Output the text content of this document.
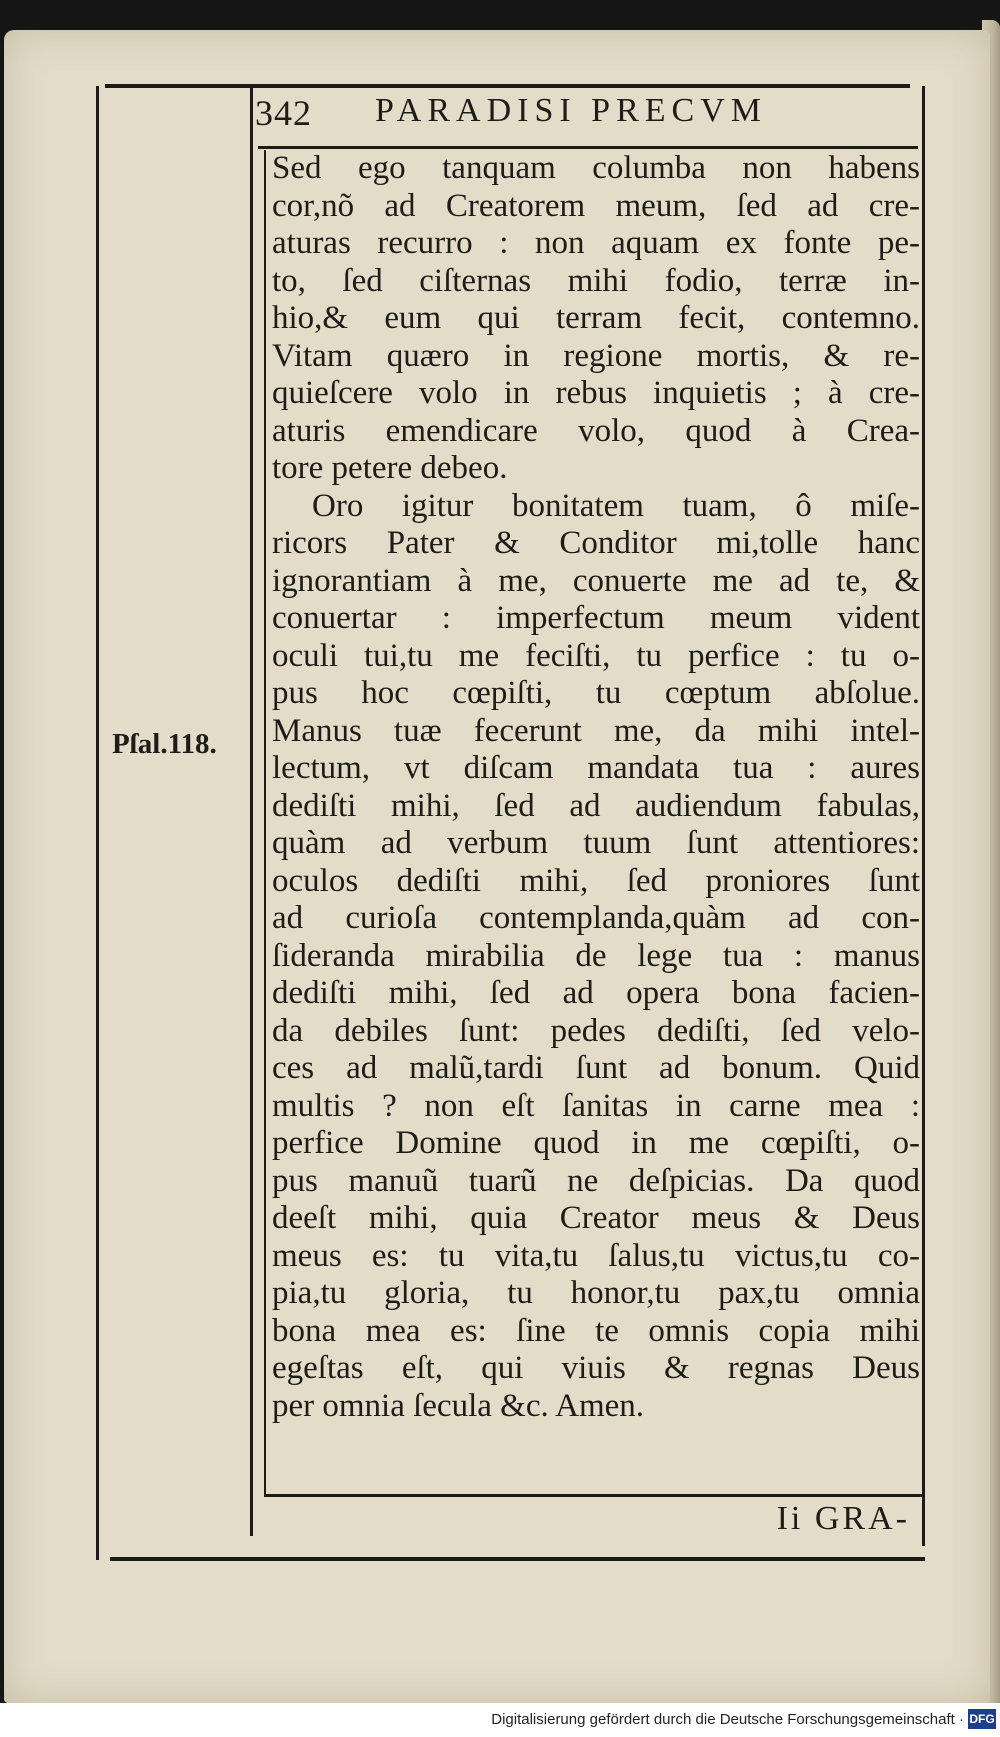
342 PARADISI PRECVM
Pſal.118.
Sed ego tanquam columba non habens
cor,nõ ad Creatorem meum, ſed ad cre-
aturas recurro : non aquam ex fonte pe-
to, ſed ciſternas mihi fodio, terræ in-
hio,& eum qui terram fecit, contemno.
Vitam quæro in regione mortis, & re-
quieſcere volo in rebus inquietis ; à cre-
aturis emendicare volo, quod à Crea-
tore petere debeo.
Oro igitur bonitatem tuam, ô miſe-
ricors Pater & Conditor mi,tolle hanc
ignorantiam à me, conuerte me ad te, &
conuertar : imperfectum meum vident
oculi tui,tu me feciſti, tu perfice : tu o-
pus hoc cœpiſti, tu cœptum abſolue.
Manus tuæ fecerunt me, da mihi intel-
lectum, vt diſcam mandata tua : aures
dediſti mihi, ſed ad audiendum fabulas,
quàm ad verbum tuum ſunt attentiores:
oculos dediſti mihi, ſed proniores ſunt
ad curioſa contemplanda,quàm ad con-
ſideranda mirabilia de lege tua : manus
dediſti mihi, ſed ad opera bona facien-
da debiles ſunt: pedes dediſti, ſed velo-
ces ad malũ,tardi ſunt ad bonum. Quid
multis ? non eſt ſanitas in carne mea :
perfice Domine quod in me cœpiſti, o-
pus manuũ tuarũ ne deſpicias. Da quod
deeſt mihi, quia Creator meus & Deus
meus es: tu vita,tu ſalus,tu victus,tu co-
pia,tu gloria, tu honor,tu pax,tu omnia
bona mea es: ſine te omnis copia mihi
egeſtas eſt, qui viuis & regnas Deus
per omnia ſecula &c. Amen.
Ii GRA-
Digitalisierung gefördert durch die Deutsche Forschungsgemeinschaft · DFG
